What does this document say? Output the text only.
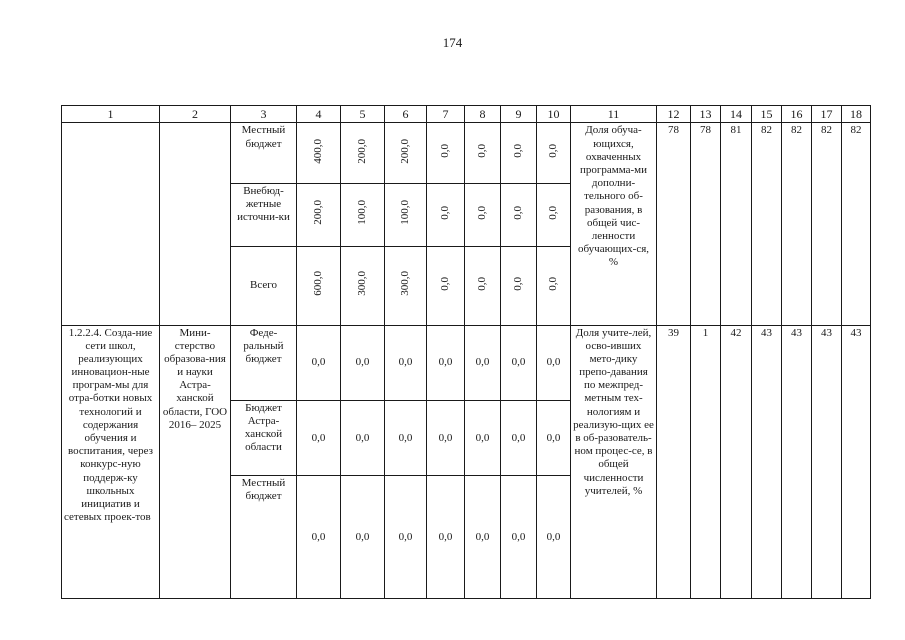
174
1	2	3	4	5	6	7	8	9	10	11	12	13	14	15	16	17	18
		Местный бюджет	400,0	200,0	200,0	0,0	0,0	0,0	0,0	Доля обуча-ющихся, охваченных программа-ми дополни-тельного об-разования, в общей чис-ленности обучающих-ся, %	78	78	81	82	82	82	82
		Внебюд-жетные источни-ки	200,0	100,0	100,0	0,0	0,0	0,0	0,0								
		Всего	600,0	300,0	300,0	0,0	0,0	0,0	0,0								
1.2.2.4. Созда-ние сети школ, реализующих инновацион-ные програм-мы для отра-ботки новых технологий и содержания обучения и воспитания, через конкурс-ную поддерж-ку школьных инициатив и сетевых проек-тов	Мини-стерство образова-ния и науки Астра-ханской области, ГОО 2016– 2025	Феде-ральный бюджет	0,0	0,0	0,0	0,0	0,0	0,0	0,0	Доля учите-лей, осво-ивших мето-дику препо-давания по межпред-метным тех-нологиям и реализую-щих ее в об-разователь-ном процес-се, в общей численности учителей, %	39	1	42	43	43	43	43
		Бюджет Астра-ханской области	0,0	0,0	0,0	0,0	0,0	0,0	0,0								
		Местный бюджет	0,0	0,0	0,0	0,0	0,0	0,0	0,0								
